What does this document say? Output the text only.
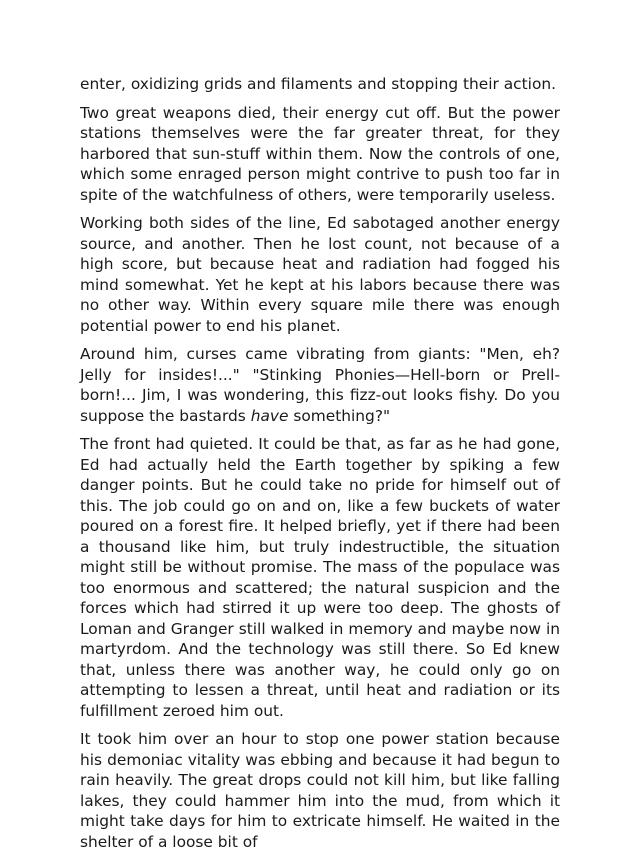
enter, oxidizing grids and filaments and stopping their action.

Two great weapons died, their energy cut off. But the power stations themselves were the far greater threat, for they harbored that sun-stuff within them. Now the controls of one, which some enraged person might contrive to push too far in spite of the watchfulness of others, were temporarily useless.

Working both sides of the line, Ed sabotaged another energy source, and another. Then he lost count, not because of a high score, but because heat and radiation had fogged his mind somewhat. Yet he kept at his labors because there was no other way. Within every square mile there was enough potential power to end his planet.

Around him, curses came vibrating from giants: "Men, eh? Jelly for insides!..." "Stinking Phonies—Hell-born or Prell-born!... Jim, I was wondering, this fizz-out looks fishy. Do you suppose the bastards have something?"

The front had quieted. It could be that, as far as he had gone, Ed had actually held the Earth together by spiking a few danger points. But he could take no pride for himself out of this. The job could go on and on, like a few buckets of water poured on a forest fire. It helped briefly, yet if there had been a thousand like him, but truly indestructible, the situation might still be without promise. The mass of the populace was too enormous and scattered; the natural suspicion and the forces which had stirred it up were too deep. The ghosts of Loman and Granger still walked in memory and maybe now in martyrdom. And the technology was still there. So Ed knew that, unless there was another way, he could only go on attempting to lessen a threat, until heat and radiation or its fulfillment zeroed him out.

It took him over an hour to stop one power station because his demoniac vitality was ebbing and because it had begun to rain heavily. The great drops could not kill him, but like falling lakes, they could hammer him into the mud, from which it might take days for him to extricate himself. He waited in the shelter of a loose bit of
